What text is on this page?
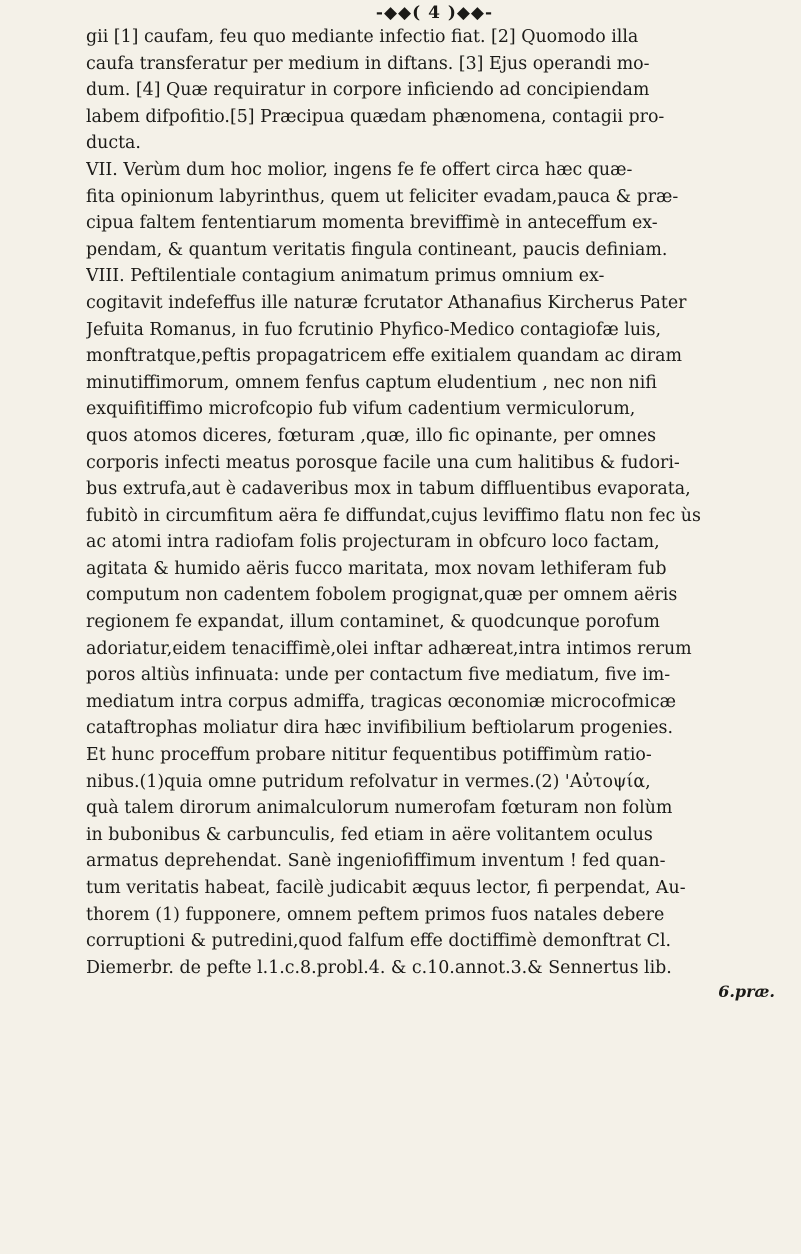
-◆◆( 4 )◆◆-
gii [1] caufam, feu quo mediante infectio fiat. [2] Quomodo illa
caufa transferatur per medium in diftans. [3] Ejus operandi mo-
dum. [4] Quæ requiratur in corpore inficiendo ad concipiendam
labem difpofitio.[5] Præcipua quædam phænomena, contagii pro-
ducta.
VII. Verùm dum hoc molior, ingens fe fe offert circa hæc quæ-
fita opinionum labyrinthus, quem ut feliciter evadam,pauca & præ-
cipua faltem fententiarum momenta breviffimè in anteceffum ex-
pendam, & quantum veritatis fingula contineant, paucis definiam.
VIII. Peftilentiale contagium animatum primus omnium ex-
cogitavit indefeffus ille naturæ fcrutator Athanafius Kircherus Pater
Jefuita Romanus, in fuo fcrutinio Phyfico-Medico contagiofæ luis,
monftratque,peftis propagatricem effe exitialem quandam ac diram
minutiffimorum, omnem fenfus captum eludentium , nec non nifi
exquifitiffimo microfcopio fub vifum cadentium vermiculorum,
quos atomos diceres, fœturam ,quæ, illo fic opinante, per omnes
corporis infecti meatus porosque facile una cum halitibus & fudori-
bus extrufa,aut è cadaveribus mox in tabum diffluentibus evaporata,
fubitò in circumfitum aëra fe diffundat,cujus leviffimo flatu non fec ùs
ac atomi intra radiofam folis projecturam in obfcuro loco factam,
agitata & humido aëris fucco maritata, mox novam lethiferam fub
computum non cadentem fobolem progignat,quæ per omnem aëris
regionem fe expandat, illum contaminet, & quodcunque porofum
adoriatur,eidem tenaciffimè,olei inftar adhæreat,intra intimos rerum
poros altiùs infinuata: unde per contactum five mediatum, five im-
mediatum intra corpus admiffa, tragicas œconomiæ microcofmicæ
cataftrophas moliatur dira hæc invifibilium beftiolarum progenies.
Et hunc proceffum probare nititur fequentibus potiffimùm ratio-
nibus.(1)quia omne putridum refolvatur in vermes.(2) 'Αὐτοψία,
quà talem dirorum animalculorum numerofam fœturam non folùm
in bubonibus & carbunculis, fed etiam in aëre volitantem oculus
armatus deprehendat. Sanè ingeniofiffimum inventum ! fed quan-
tum veritatis habeat, facilè judicabit æquus lector, fi perpendat, Au-
thorem (1) fupponere, omnem peftem primos fuos natales debere
corruptioni & putredini,quod falfum effe doctiffimè demonftrat Cl.
Diemerbr. de pefte l.1.c.8.probl.4. & c.10.annot.3.& Sennertus lib.
6.præ.
